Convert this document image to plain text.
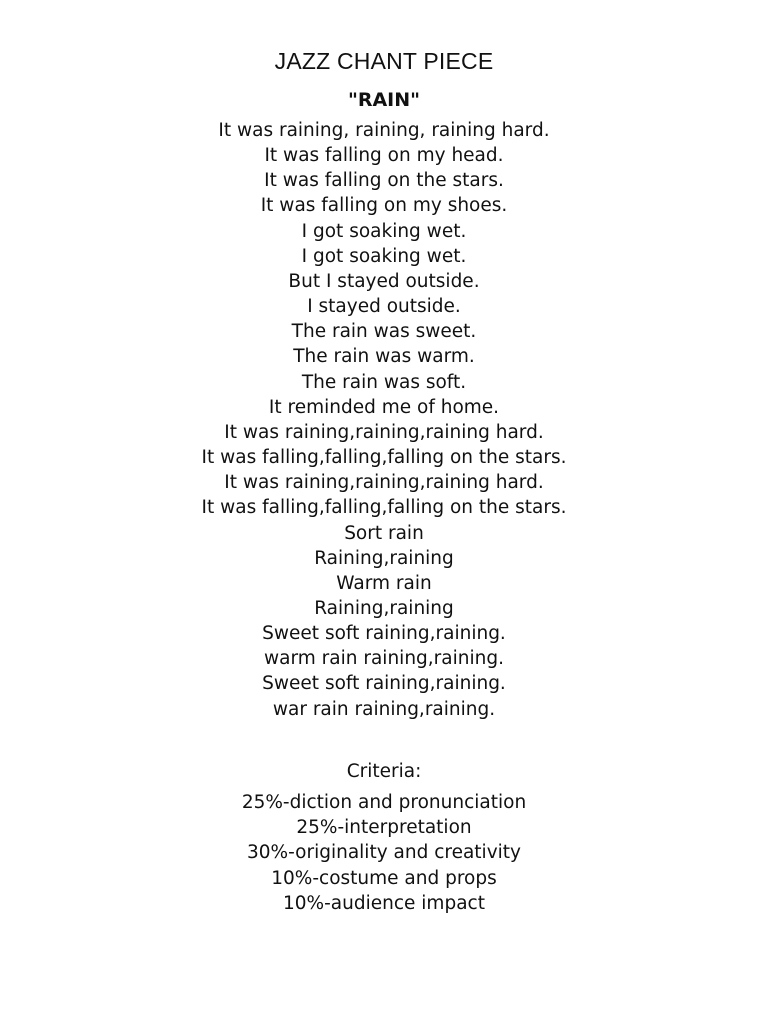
JAZZ CHANT PIECE
"RAIN"
It was raining, raining, raining hard.
It was falling on my head.
It was falling on the stars.
It was falling on my shoes.
I got soaking wet.
I got soaking wet.
But I stayed outside.
I stayed outside.
The rain was sweet.
The rain was warm.
The rain was soft.
It reminded me of home.
It was raining,raining,raining hard.
It was falling,falling,falling on the stars.
It was raining,raining,raining hard.
It was falling,falling,falling on the stars.
Sort rain
Raining,raining
Warm rain
Raining,raining
Sweet soft raining,raining.
warm rain raining,raining.
Sweet soft raining,raining.
war rain raining,raining.
Criteria:
25%-diction and pronunciation
25%-interpretation
30%-originality and creativity
10%-costume and props
10%-audience impact
